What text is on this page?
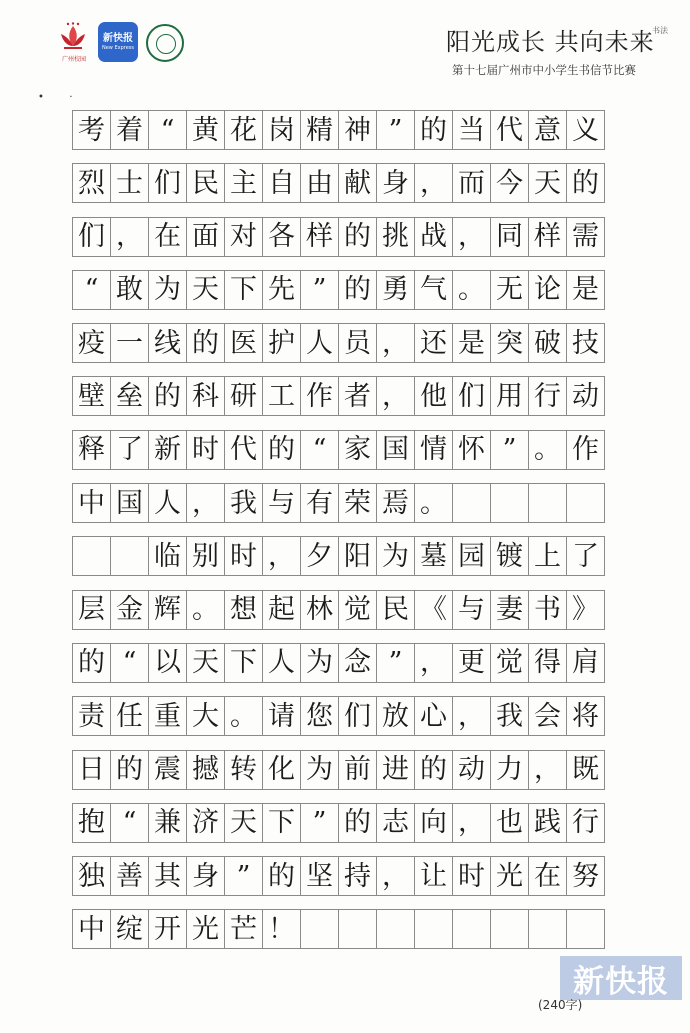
广州校园
新快报
New Express	阳光成长 共向未来
书法
第十七届广州市中小学生书信节比赛
•        ·
考 着 “ 黄 花 岗 精 神 ” 的 当 代 意 义
烈 士 们 民 主 自 由 献 身 ， 而 今 天 的
们 ， 在 面 对 各 样 的 挑 战 ， 同 样 需
“ 敢 为 天 下 先 ” 的 勇 气 。 无 论 是
疫 一 线 的 医 护 人 员 ， 还 是 突 破 技
壁 垒 的 科 研 工 作 者 ， 他 们 用 行 动
释 了 新 时 代 的 “ 家 国 情 怀 ” 。 作
中 国 人 ， 我 与 有 荣 焉 。
临 别 时 ， 夕 阳 为 墓 园 镀 上 了
层 金 辉 。 想 起 林 觉 民 《 与 妻 书 》
的 “ 以 天 下 人 为 念 ” ， 更 觉 得 肩
责 任 重 大 。 请 您 们 放 心 ， 我 会 将
日 的 震 撼 转 化 为 前 进 的 动 力 ， 既
抱 “ 兼 济 天 下 ” 的 志 向 ， 也 践 行
独 善 其 身 ” 的 坚 持 ， 让 时 光 在 努
中 绽 开 光 芒 ！
新快报
(240字)
